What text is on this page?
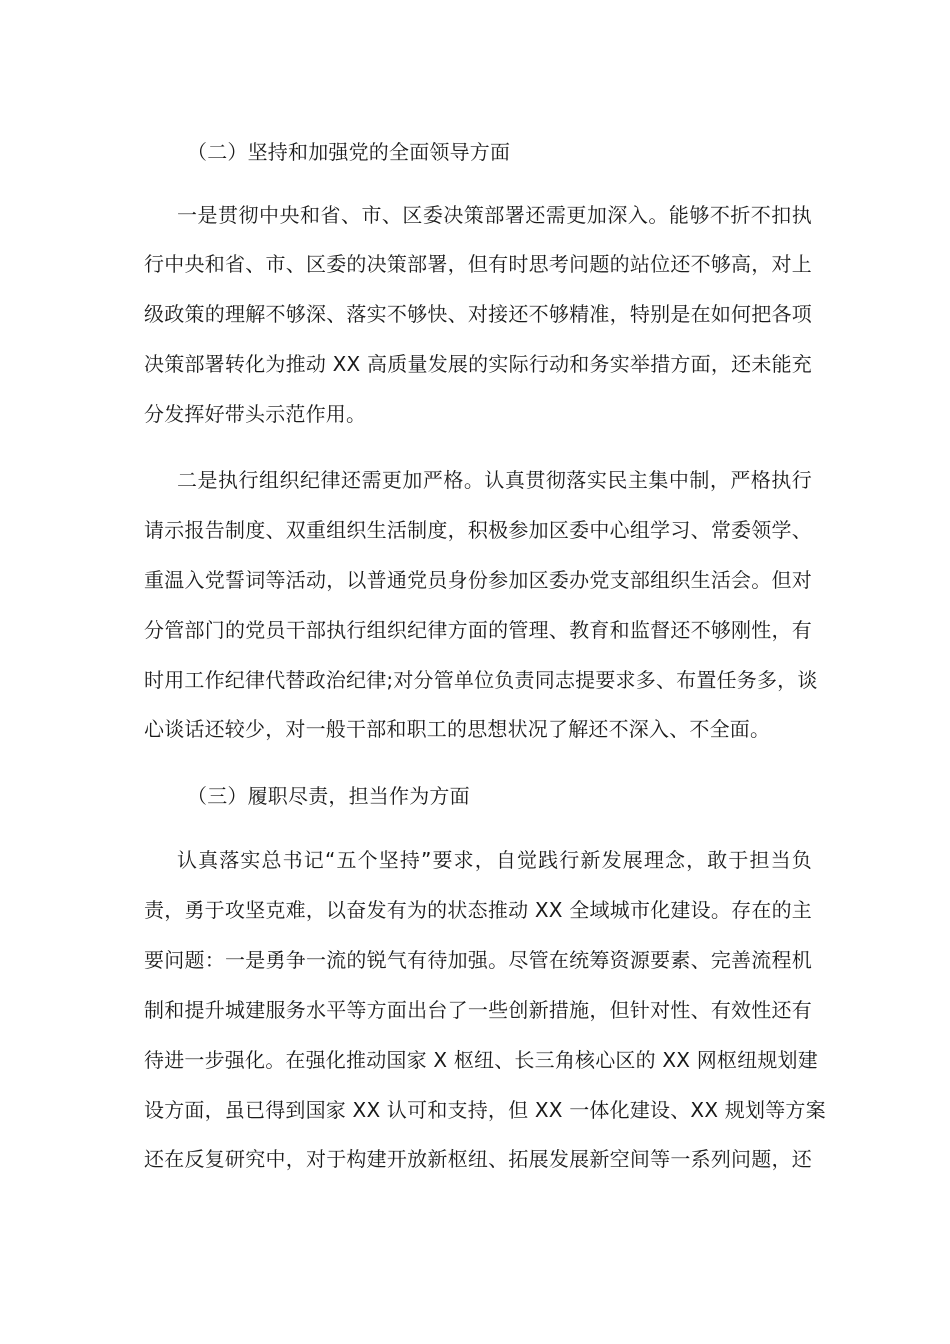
（二）坚持和加强党的全面领导方面

一是贯彻中央和省、市、区委决策部署还需更加深入。能够不折不扣执

行中央和省、市、区委的决策部署，但有时思考问题的站位还不够高，对上

级政策的理解不够深、落实不够快、对接还不够精准，特别是在如何把各项

决策部署转化为推动 XX 高质量发展的实际行动和务实举措方面，还未能充

分发挥好带头示范作用。

二是执行组织纪律还需更加严格。认真贯彻落实民主集中制，严格执行

请示报告制度、双重组织生活制度，积极参加区委中心组学习、常委领学、

重温入党誓词等活动，以普通党员身份参加区委办党支部组织生活会。但对

分管部门的党员干部执行组织纪律方面的管理、教育和监督还不够刚性，有

时用工作纪律代替政治纪律;对分管单位负责同志提要求多、布置任务多，谈

心谈话还较少，对一般干部和职工的思想状况了解还不深入、不全面。

（三）履职尽责，担当作为方面

认真落实总书记“五个坚持”要求，自觉践行新发展理念，敢于担当负

责，勇于攻坚克难，以奋发有为的状态推动 XX 全域城市化建设。存在的主

要问题：一是勇争一流的锐气有待加强。尽管在统筹资源要素、完善流程机

制和提升城建服务水平等方面出台了一些创新措施，但针对性、有效性还有

待进一步强化。在强化推动国家 X 枢纽、长三角核心区的 XX 网枢纽规划建

设方面，虽已得到国家 XX 认可和支持，但 XX 一体化建设、XX 规划等方案

还在反复研究中，对于构建开放新枢纽、拓展发展新空间等一系列问题，还
